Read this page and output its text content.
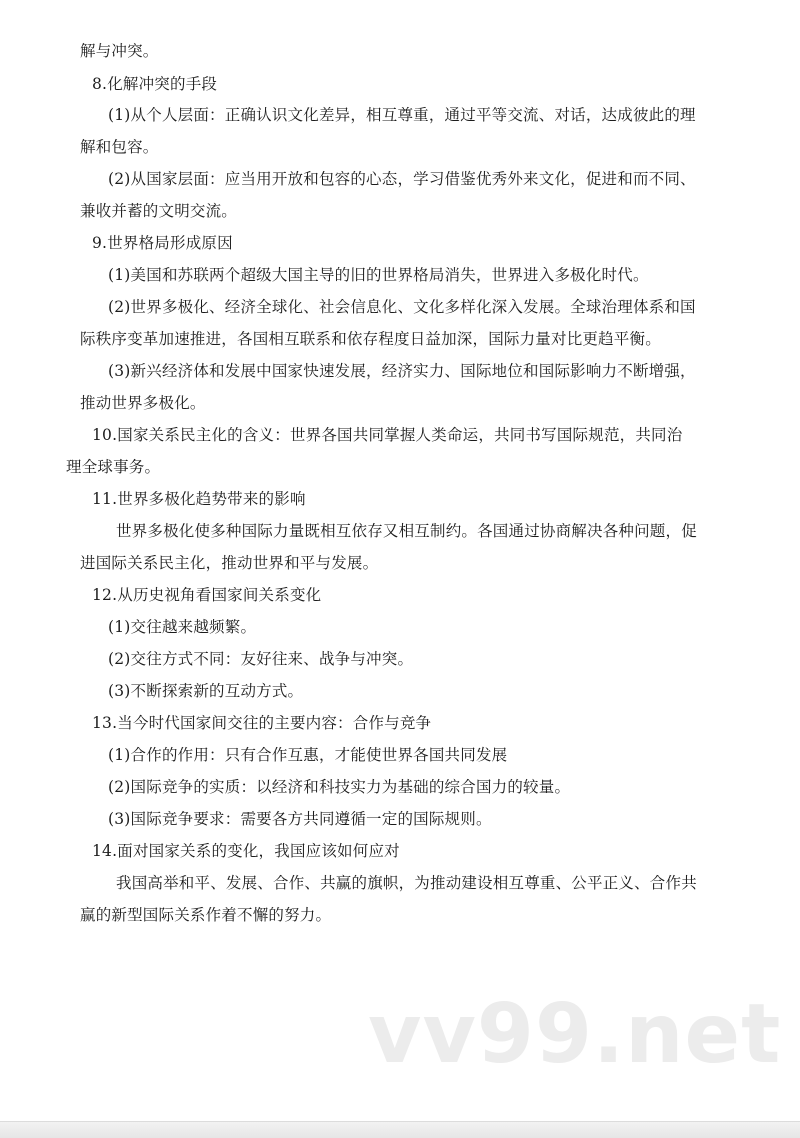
解与冲突。
8.化解冲突的手段
(1)从个人层面：正确认识文化差异，相互尊重，通过平等交流、对话，达成彼此的理
解和包容。
(2)从国家层面：应当用开放和包容的心态，学习借鉴优秀外来文化，促进和而不同、
兼收并蓄的文明交流。
9.世界格局形成原因
(1)美国和苏联两个超级大国主导的旧的世界格局消失，世界进入多极化时代。
(2)世界多极化、经济全球化、社会信息化、文化多样化深入发展。全球治理体系和国
际秩序变革加速推进，各国相互联系和依存程度日益加深，国际力量对比更趋平衡。
(3)新兴经济体和发展中国家快速发展，经济实力、国际地位和国际影响力不断增强，
推动世界多极化。
10.国家关系民主化的含义：世界各国共同掌握人类命运，共同书写国际规范，共同治
理全球事务。
11.世界多极化趋势带来的影响
世界多极化使多种国际力量既相互依存又相互制约。各国通过协商解决各种问题，促
进国际关系民主化，推动世界和平与发展。
12.从历史视角看国家间关系变化
(1)交往越来越频繁。
(2)交往方式不同：友好往来、战争与冲突。
(3)不断探索新的互动方式。
13.当今时代国家间交往的主要内容：合作与竞争
(1)合作的作用：只有合作互惠，才能使世界各国共同发展
(2)国际竞争的实质：以经济和科技实力为基础的综合国力的较量。
(3)国际竞争要求：需要各方共同遵循一定的国际规则。
14.面对国家关系的变化，我国应该如何应对
我国高举和平、发展、合作、共赢的旗帜，为推动建设相互尊重、公平正义、合作共
赢的新型国际关系作着不懈的努力。
vv99.net
